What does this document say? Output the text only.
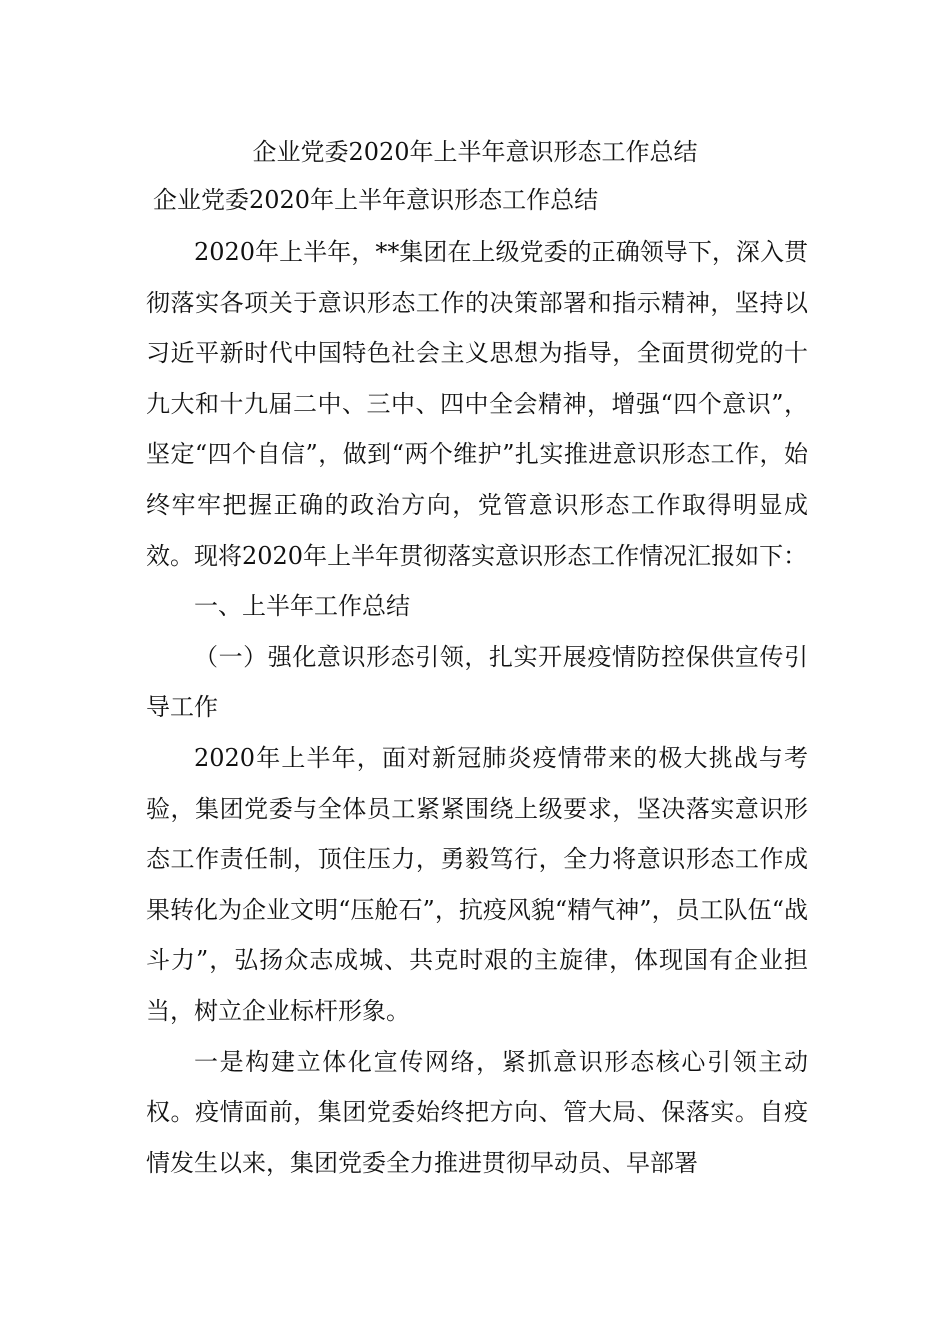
企业党委2020年上半年意识形态工作总结
企业党委2020年上半年意识形态工作总结

2020年上半年，**集团在上级党委的正确领导下，深入贯彻落实各项关于意识形态工作的决策部署和指示精神，坚持以习近平新时代中国特色社会主义思想为指导，全面贯彻党的十九大和十九届二中、三中、四中全会精神，增强“四个意识”，坚定“四个自信”，做到“两个维护”扎实推进意识形态工作，始终牢牢把握正确的政治方向，党管意识形态工作取得明显成效。现将2020年上半年贯彻落实意识形态工作情况汇报如下：

一、上半年工作总结

（一）强化意识形态引领，扎实开展疫情防控保供宣传引导工作

2020年上半年，面对新冠肺炎疫情带来的极大挑战与考验，集团党委与全体员工紧紧围绕上级要求，坚决落实意识形态工作责任制，顶住压力，勇毅笃行，全力将意识形态工作成果转化为企业文明“压舱石”，抗疫风貌“精气神”，员工队伍“战斗力”，弘扬众志成城、共克时艰的主旋律，体现国有企业担当，树立企业标杆形象。

一是构建立体化宣传网络，紧抓意识形态核心引领主动权。疫情面前，集团党委始终把方向、管大局、保落实。自疫情发生以来，集团党委全力推进贯彻早动员、早部署
